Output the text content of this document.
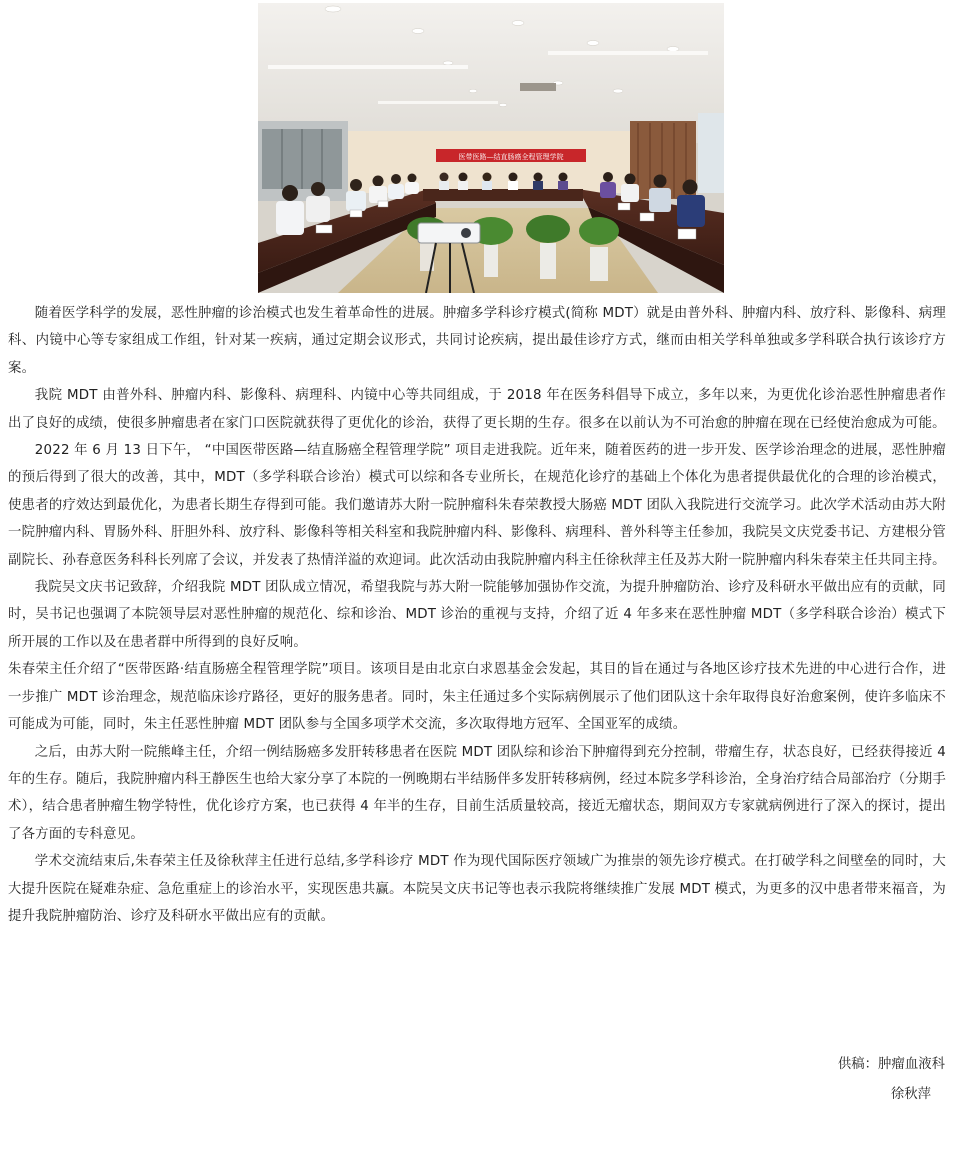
医带医路—结直肠癌全程管理学院

随着医学科学的发展，恶性肿瘤的诊治模式也发生着革命性的进展。肿瘤多学科诊疗模式(简称 MDT）就是由普外科、肿瘤内科、放疗科、影像科、病理科、内镜中心等专家组成工作组，针对某一疾病，通过定期会议形式，共同讨论疾病，提出最佳诊疗方式，继而由相关学科单独或多学科联合执行该诊疗方案。

我院 MDT 由普外科、肿瘤内科、影像科、病理科、内镜中心等共同组成，于 2018 年在医务科倡导下成立，多年以来，为更优化诊治恶性肿瘤患者作出了良好的成绩，使很多肿瘤患者在家门口医院就获得了更优化的诊治，获得了更长期的生存。很多在以前认为不可治愈的肿瘤在现在已经使治愈成为可能。

2022 年 6 月 13 日下午， “中国医带医路—结直肠癌全程管理学院” 项目走进我院。近年来，随着医药的进一步开发、医学诊治理念的进展，恶性肿瘤的预后得到了很大的改善，其中，MDT（多学科联合诊治）模式可以综和各专业所长，在规范化诊疗的基础上个体化为患者提供最优化的合理的诊治模式，使患者的疗效达到最优化，为患者长期生存得到可能。我们邀请苏大附一院肿瘤科朱春荣教授大肠癌 MDT 团队入我院进行交流学习。此次学术活动由苏大附一院肿瘤内科、胃肠外科、肝胆外科、放疗科、影像科等相关科室和我院肿瘤内科、影像科、病理科、普外科等主任参加，我院吴文庆党委书记、方建根分管副院长、孙春意医务科科长列席了会议，并发表了热情洋溢的欢迎词。此次活动由我院肿瘤内科主任徐秋萍主任及苏大附一院肿瘤内科朱春荣主任共同主持。

我院吴文庆书记致辞，介绍我院 MDT 团队成立情况，希望我院与苏大附一院能够加强协作交流，为提升肿瘤防治、诊疗及科研水平做出应有的贡献，同时，吴书记也强调了本院领导层对恶性肿瘤的规范化、综和诊治、MDT 诊治的重视与支持，介绍了近 4 年多来在恶性肿瘤 MDT（多学科联合诊治）模式下所开展的工作以及在患者群中所得到的良好反响。

朱春荣主任介绍了“医带医路·结直肠癌全程管理学院”项目。该项目是由北京白求恩基金会发起，其目的旨在通过与各地区诊疗技术先进的中心进行合作，进一步推广 MDT 诊治理念，规范临床诊疗路径，更好的服务患者。同时，朱主任通过多个实际病例展示了他们团队这十余年取得良好治愈案例，使许多临床不可能成为可能，同时，朱主任恶性肿瘤 MDT 团队参与全国多项学术交流，多次取得地方冠军、全国亚军的成绩。

之后，由苏大附一院熊峰主任，介绍一例结肠癌多发肝转移患者在医院 MDT 团队综和诊治下肿瘤得到充分控制，带瘤生存，状态良好，已经获得接近 4 年的生存。随后，我院肿瘤内科王静医生也给大家分享了本院的一例晚期右半结肠伴多发肝转移病例，经过本院多学科诊治，全身治疗结合局部治疗（分期手术），结合患者肿瘤生物学特性，优化诊疗方案，也已获得 4 年半的生存，目前生活质量较高，接近无瘤状态，期间双方专家就病例进行了深入的探讨，提出了各方面的专科意见。

学术交流结束后,朱春荣主任及徐秋萍主任进行总结,多学科诊疗 MDT 作为现代国际医疗领域广为推崇的领先诊疗模式。在打破学科之间壁垒的同时，大大提升医院在疑难杂症、急危重症上的诊治水平，实现医患共赢。本院吴文庆书记等也表示我院将继续推广发展 MDT 模式，为更多的汉中患者带来福音，为提升我院肿瘤防治、诊疗及科研水平做出应有的贡献。

供稿：肿瘤血液科
徐秋萍
